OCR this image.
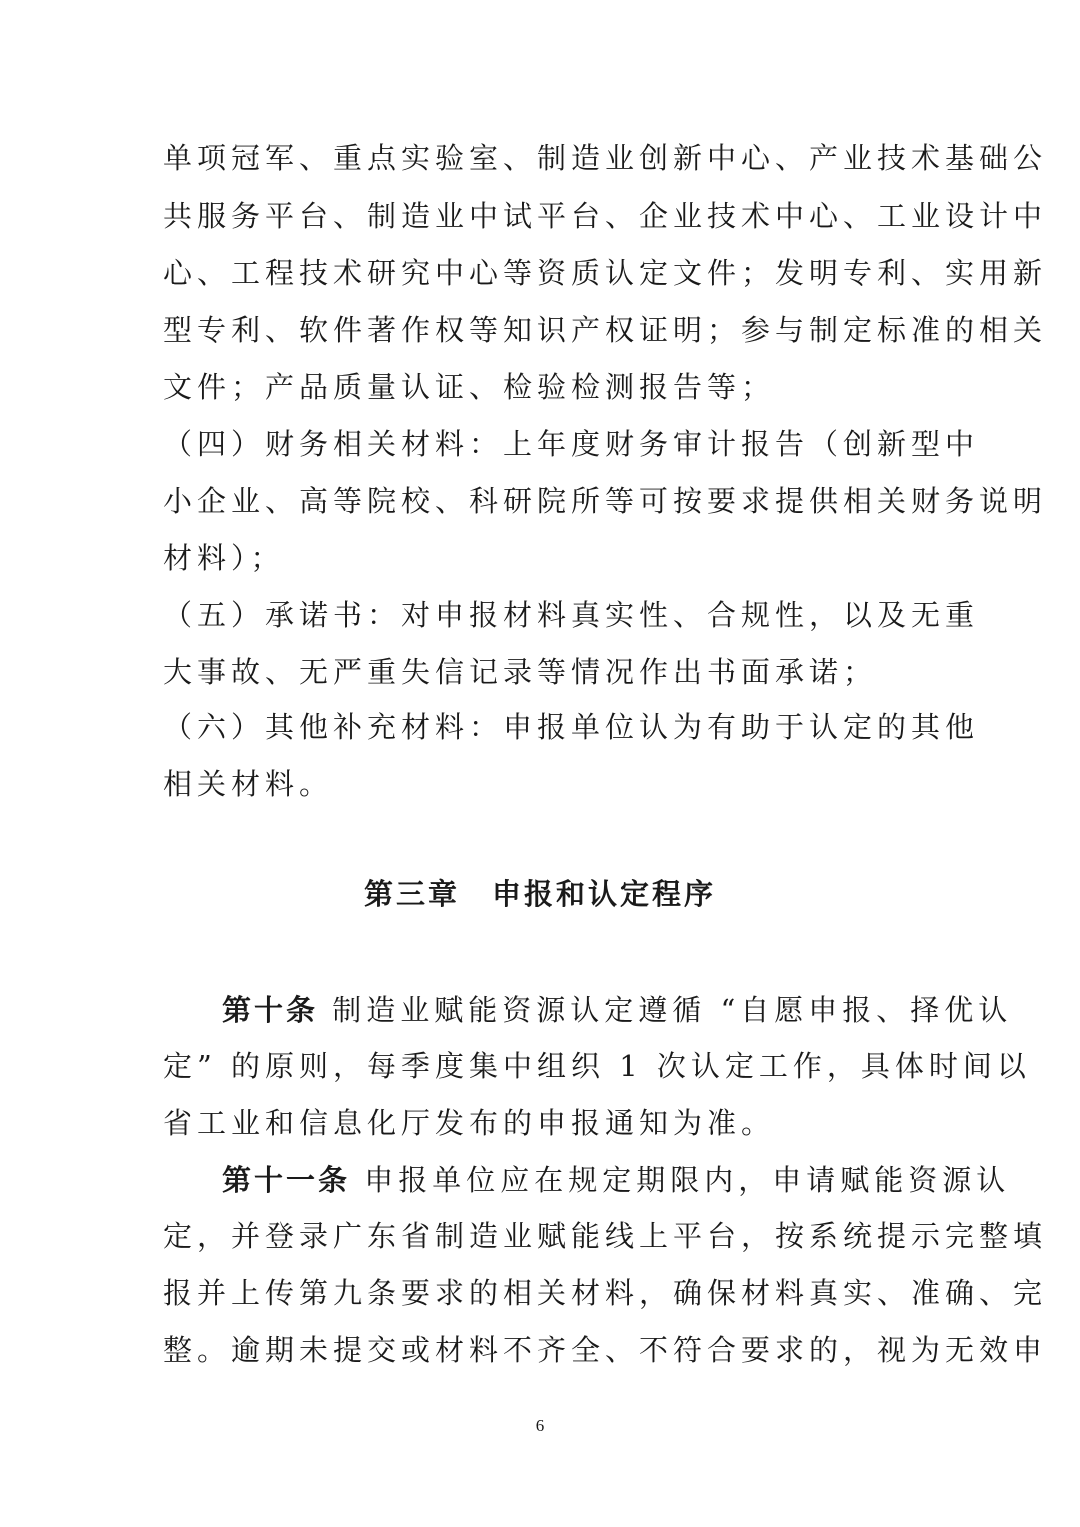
单项冠军、重点实验室、制造业创新中心、产业技术基础公
共服务平台、制造业中试平台、企业技术中心、工业设计中
心、工程技术研究中心等资质认定文件；发明专利、实用新
型专利、软件著作权等知识产权证明；参与制定标准的相关
文件；产品质量认证、检验检测报告等；
（四）财务相关材料：上年度财务审计报告（创新型中
小企业、高等院校、科研院所等可按要求提供相关财务说明
材料）；
（五）承诺书：对申报材料真实性、合规性，以及无重
大事故、无严重失信记录等情况作出书面承诺；
（六）其他补充材料：申报单位认为有助于认定的其他
相关材料。
第三章　申报和认定程序
第十条 制造业赋能资源认定遵循 “自愿申报、择优认
定” 的原则，每季度集中组织 1 次认定工作，具体时间以
省工业和信息化厅发布的申报通知为准。
第十一条 申报单位应在规定期限内，申请赋能资源认
定，并登录广东省制造业赋能线上平台，按系统提示完整填
报并上传第九条要求的相关材料，确保材料真实、准确、完
整。逾期未提交或材料不齐全、不符合要求的，视为无效申
6
